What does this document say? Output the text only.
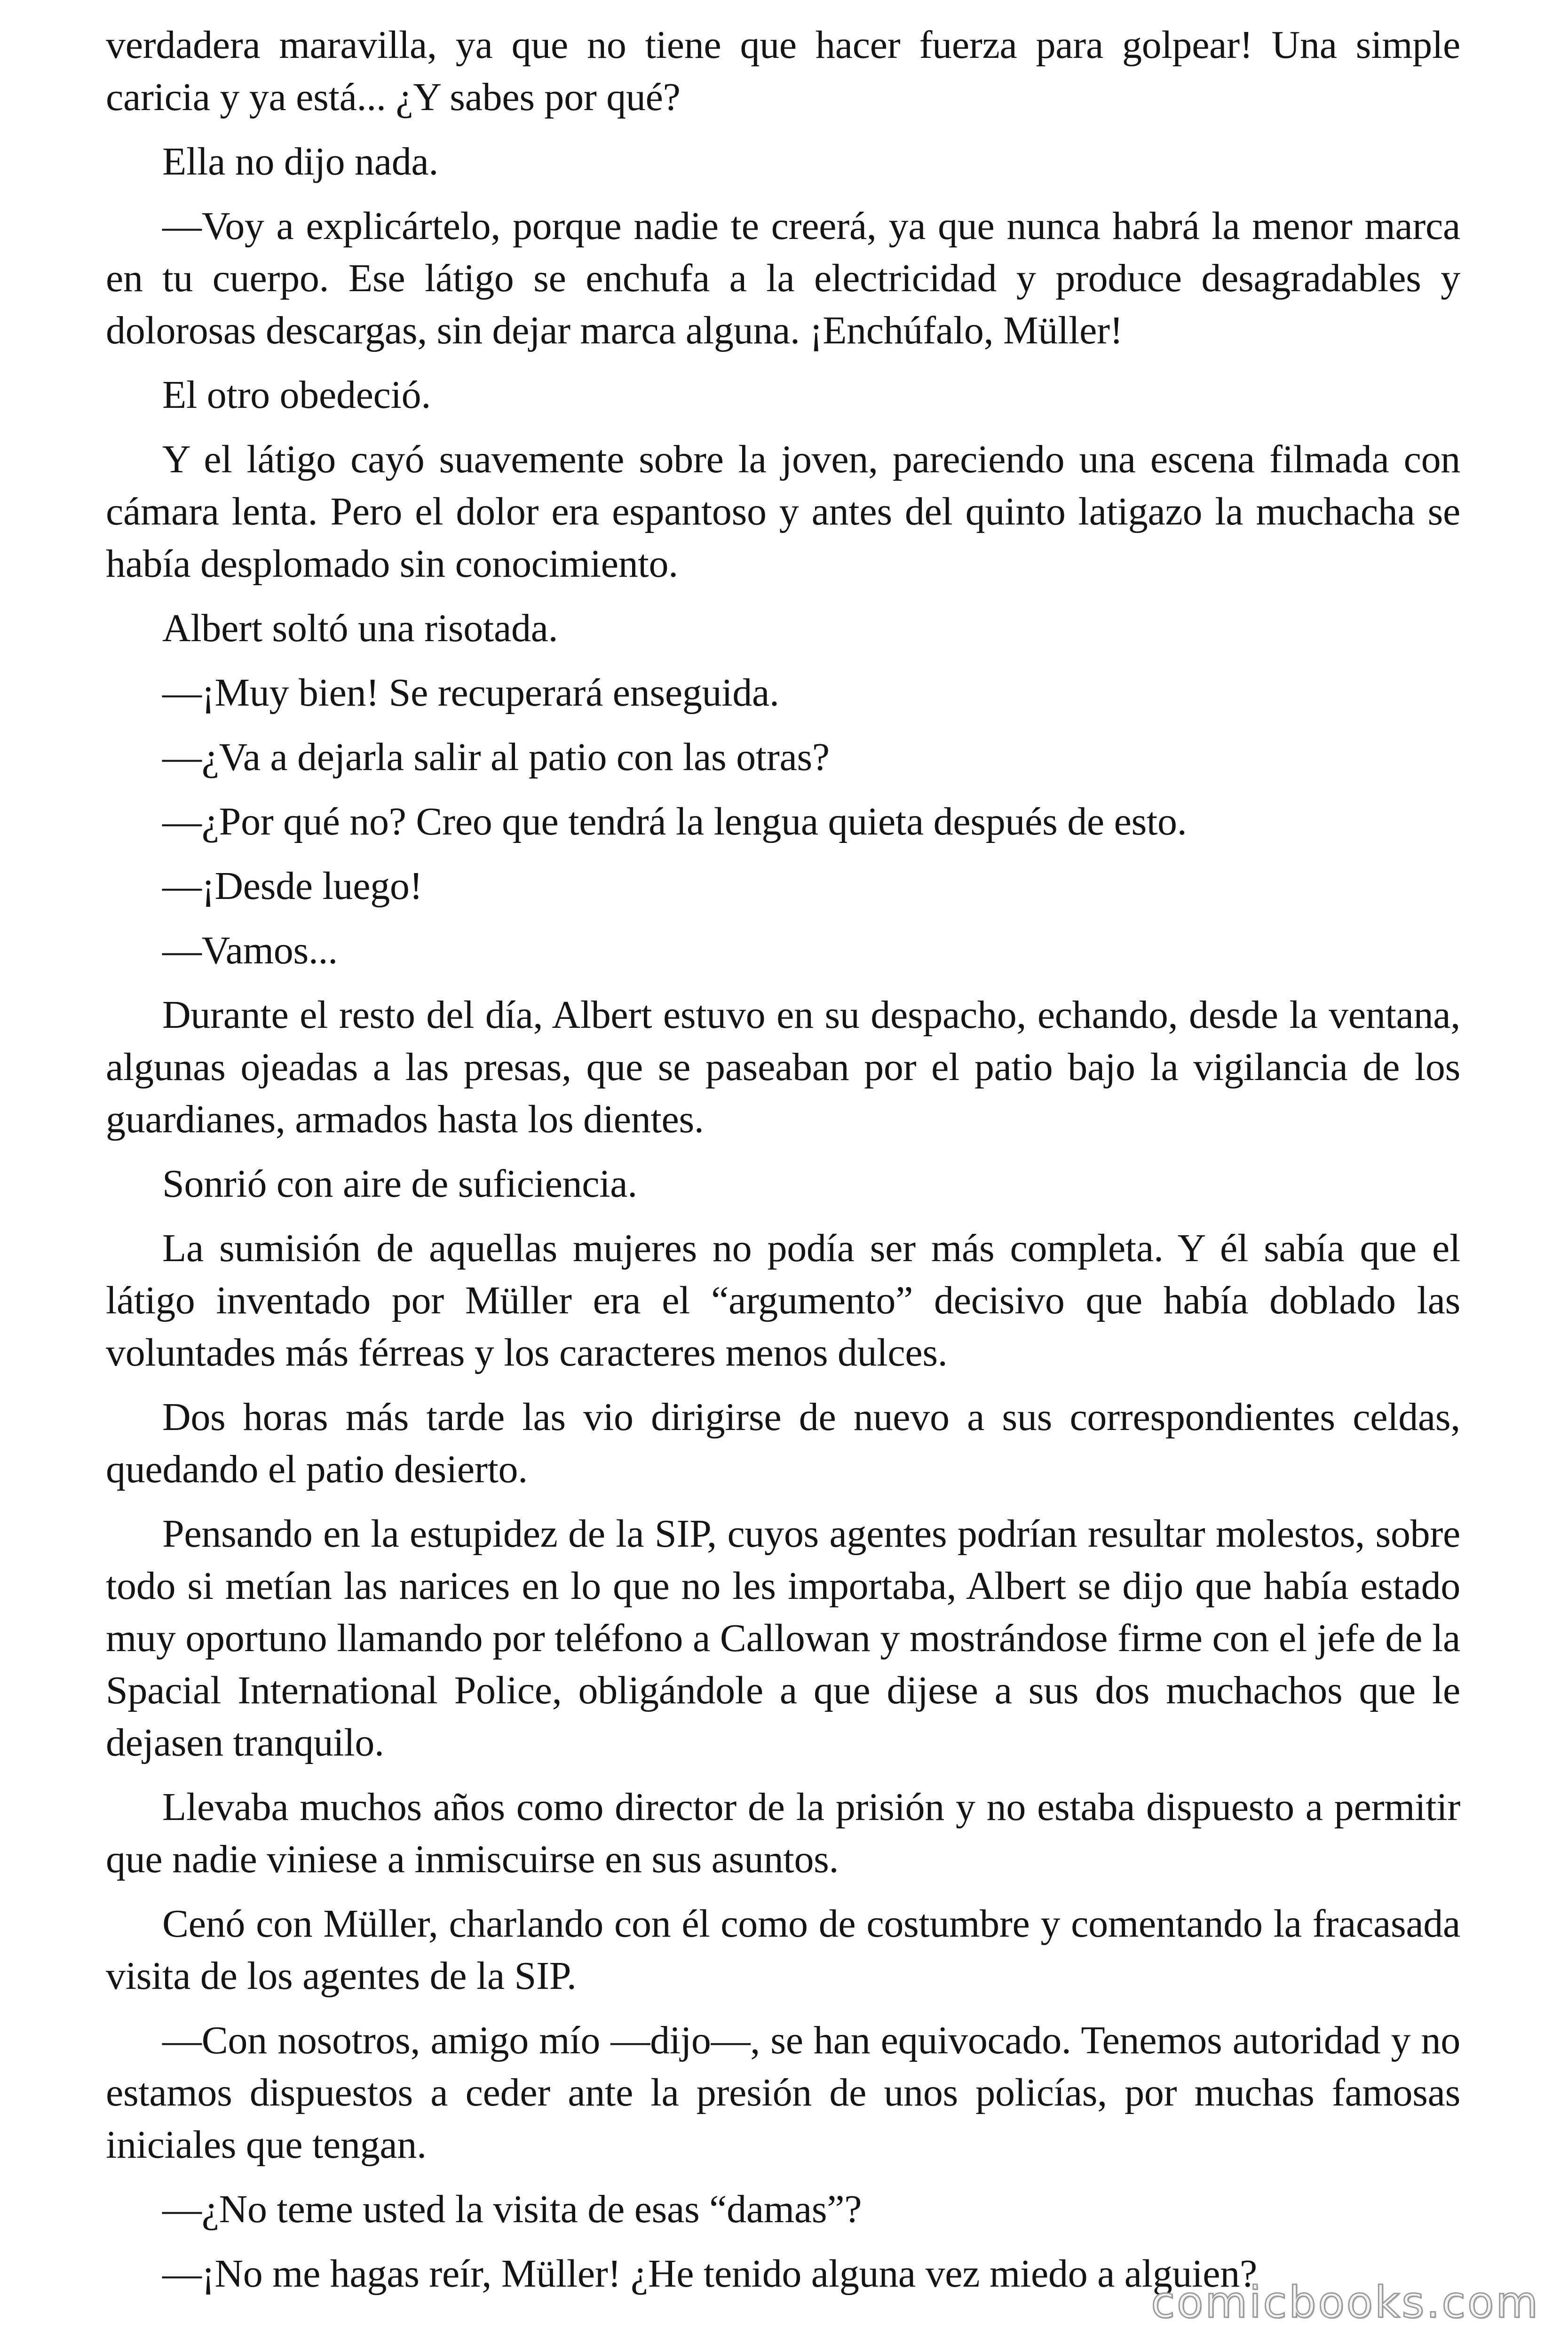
verdadera maravilla, ya que no tiene que hacer fuerza para golpear! Una simple caricia y ya está... ¿Y sabes por qué?

Ella no dijo nada.

—Voy a explicártelo, porque nadie te creerá, ya que nunca habrá la menor marca en tu cuerpo. Ese látigo se enchufa a la electricidad y produce desagradables y dolorosas descargas, sin dejar marca alguna. ¡Enchúfalo, Müller!

El otro obedeció.

Y el látigo cayó suavemente sobre la joven, pareciendo una escena filmada con cámara lenta. Pero el dolor era espantoso y antes del quinto latigazo la muchacha se había desplomado sin conocimiento.

Albert soltó una risotada.

—¡Muy bien! Se recuperará enseguida.

—¿Va a dejarla salir al patio con las otras?

—¿Por qué no? Creo que tendrá la lengua quieta después de esto.

—¡Desde luego!

—Vamos...

Durante el resto del día, Albert estuvo en su despacho, echando, desde la ventana, algunas ojeadas a las presas, que se paseaban por el patio bajo la vigilancia de los guardianes, armados hasta los dientes.

Sonrió con aire de suficiencia.

La sumisión de aquellas mujeres no podía ser más completa. Y él sabía que el látigo inventado por Müller era el “argumento” decisivo que había doblado las voluntades más férreas y los caracteres menos dulces.

Dos horas más tarde las vio dirigirse de nuevo a sus correspondientes celdas, quedando el patio desierto.

Pensando en la estupidez de la SIP, cuyos agentes podrían resultar molestos, sobre todo si metían las narices en lo que no les importaba, Albert se dijo que había estado muy oportuno llamando por teléfono a Callowan y mostrándose firme con el jefe de la Spacial International Police, obligándole a que dijese a sus dos muchachos que le dejasen tranquilo.

Llevaba muchos años como director de la prisión y no estaba dispuesto a permitir que nadie viniese a inmiscuirse en sus asuntos.

Cenó con Müller, charlando con él como de costumbre y comentando la fracasada visita de los agentes de la SIP.

—Con nosotros, amigo mío —dijo—, se han equivocado. Tenemos autoridad y no estamos dispuestos a ceder ante la presión de unos policías, por muchas famosas iniciales que tengan.

—¿No teme usted la visita de esas “damas”?

—¡No me hagas reír, Müller! ¿He tenido alguna vez miedo a alguien?

comicbooks.com
